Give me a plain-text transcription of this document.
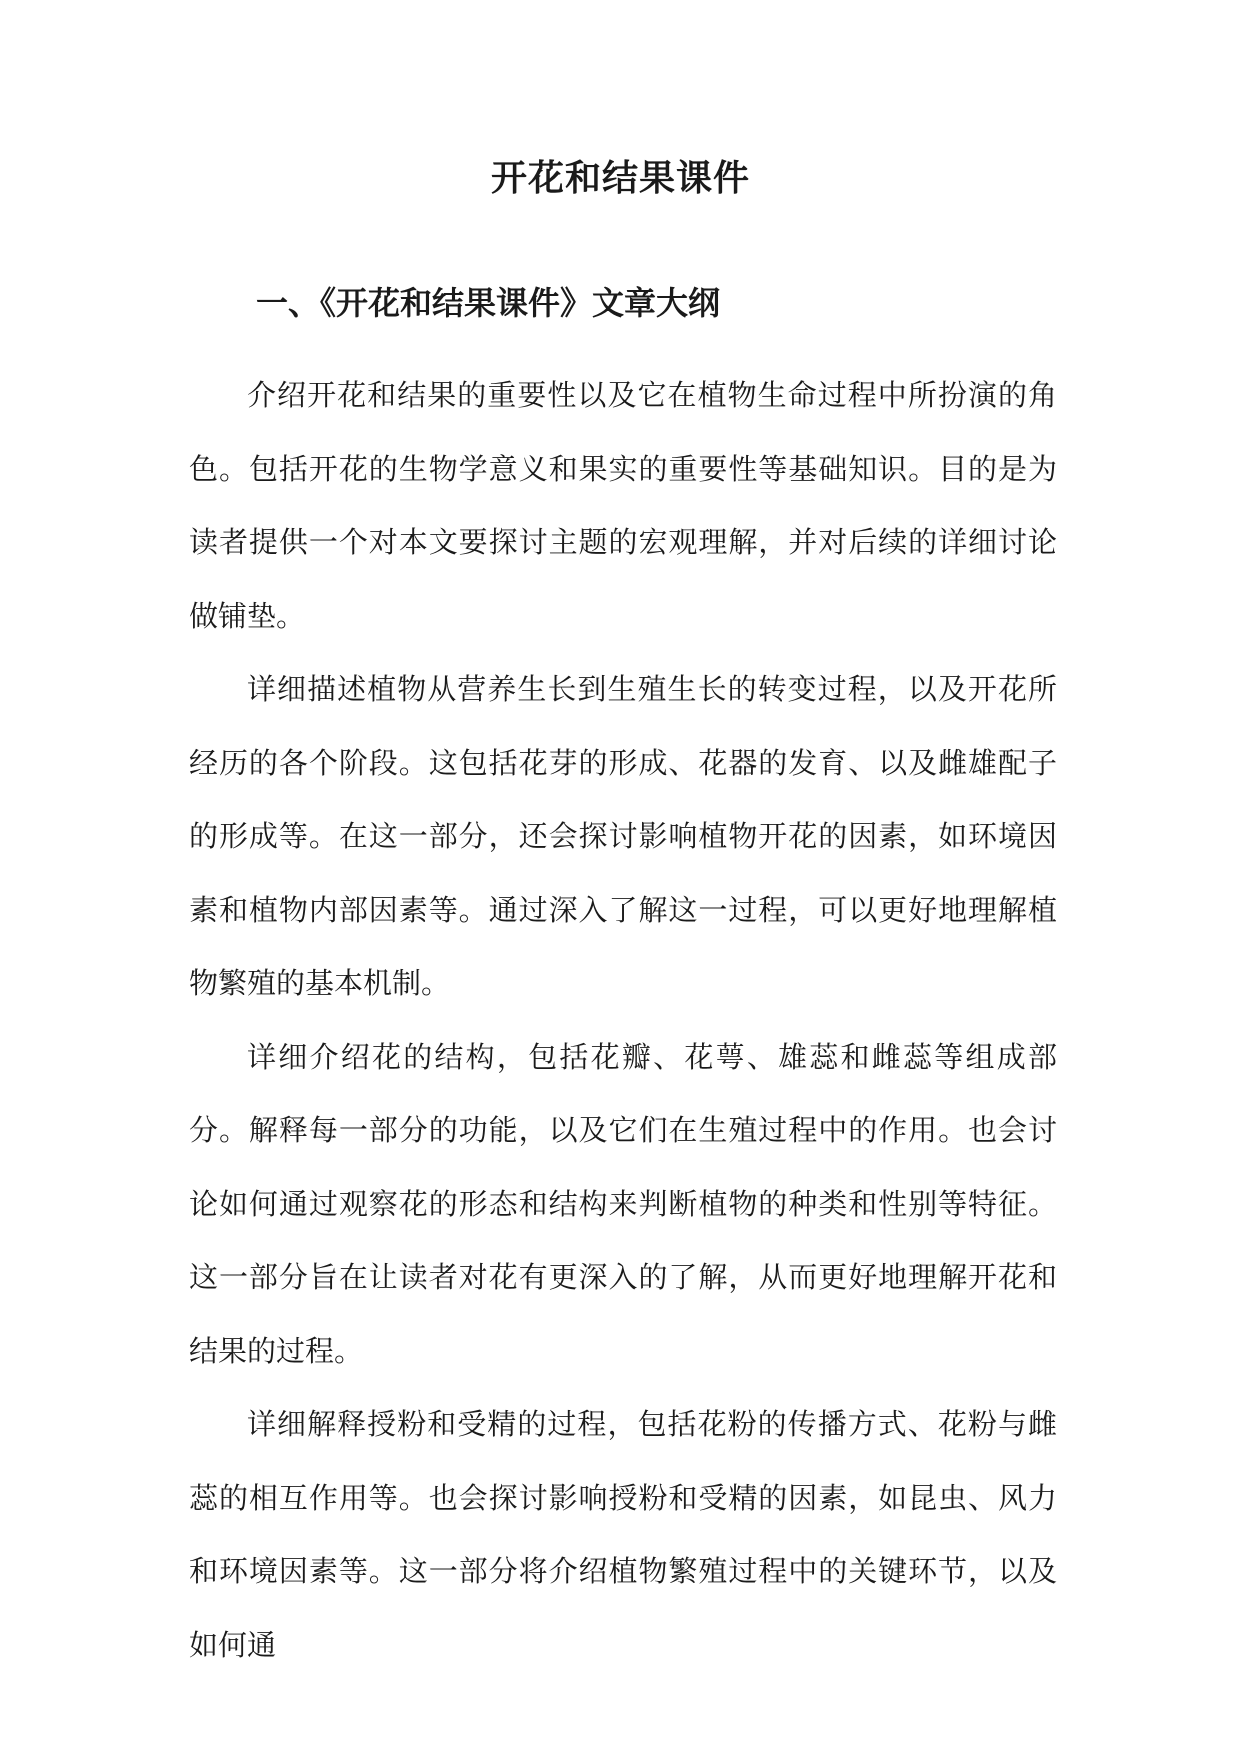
开花和结果课件
一、《开花和结果课件》文章大纲

介绍开花和结果的重要性以及它在植物生命过程中所扮演的角色。包括开花的生物学意义和果实的重要性等基础知识。目的是为读者提供一个对本文要探讨主题的宏观理解，并对后续的详细讨论做铺垫。

详细描述植物从营养生长到生殖生长的转变过程，以及开花所经历的各个阶段。这包括花芽的形成、花器的发育、以及雌雄配子的形成等。在这一部分，还会探讨影响植物开花的因素，如环境因素和植物内部因素等。通过深入了解这一过程，可以更好地理解植物繁殖的基本机制。

详细介绍花的结构，包括花瓣、花萼、雄蕊和雌蕊等组成部分。解释每一部分的功能，以及它们在生殖过程中的作用。也会讨论如何通过观察花的形态和结构来判断植物的种类和性别等特征。这一部分旨在让读者对花有更深入的了解，从而更好地理解开花和结果的过程。

详细解释授粉和受精的过程，包括花粉的传播方式、花粉与雌蕊的相互作用等。也会探讨影响授粉和受精的因素，如昆虫、风力和环境因素等。这一部分将介绍植物繁殖过程中的关键环节，以及如何通
